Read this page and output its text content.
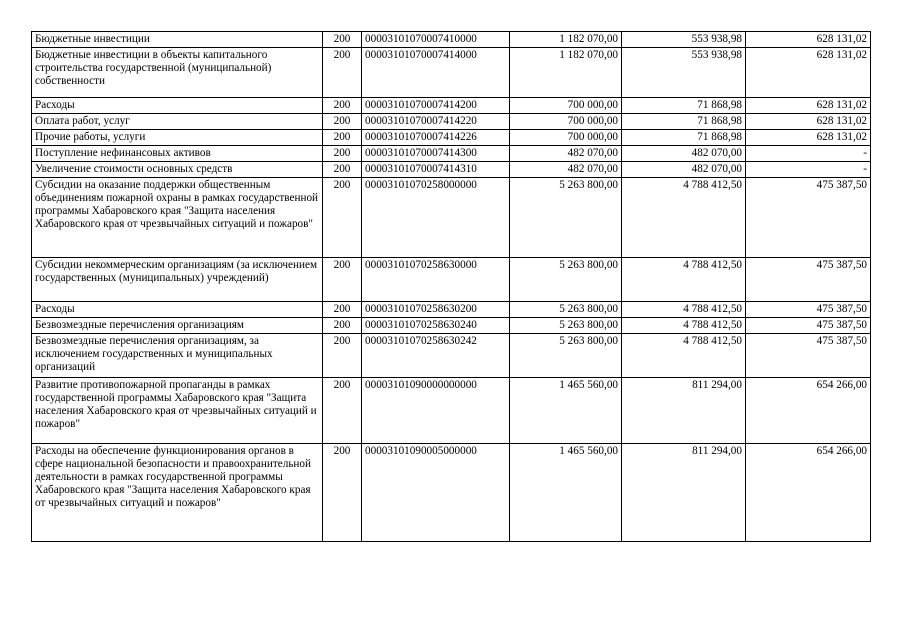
Бюджетные инвестиции	200	00003101070007410000	1 182 070,00	553 938,98	628 131,02
Бюджетные инвестиции в объекты капитального строительства государственной (муниципальной) собственности	200	00003101070007414000	1 182 070,00	553 938,98	628 131,02
Расходы	200	00003101070007414200	700 000,00	71 868,98	628 131,02
Оплата работ, услуг	200	00003101070007414220	700 000,00	71 868,98	628 131,02
Прочие работы, услуги	200	00003101070007414226	700 000,00	71 868,98	628 131,02
Поступление нефинансовых активов	200	00003101070007414300	482 070,00	482 070,00	-
Увеличение стоимости основных средств	200	00003101070007414310	482 070,00	482 070,00	-
Субсидии на оказание поддержки общественным объединениям пожарной охраны в рамках государственной программы Хабаровского края "Защита населения Хабаровского края от чрезвычайных ситуаций и пожаров"	200	00003101070258000000	5 263 800,00	4 788 412,50	475 387,50
Субсидии некоммерческим организациям (за исключением государственных (муниципальных) учреждений)	200	00003101070258630000	5 263 800,00	4 788 412,50	475 387,50
Расходы	200	00003101070258630200	5 263 800,00	4 788 412,50	475 387,50
Безвозмездные перечисления организациям	200	00003101070258630240	5 263 800,00	4 788 412,50	475 387,50
Безвозмездные перечисления организациям, за исключением государственных и муниципальных организаций	200	00003101070258630242	5 263 800,00	4 788 412,50	475 387,50
Развитие противопожарной пропаганды в рамках государственной программы Хабаровского края "Защита населения Хабаровского края от чрезвычайных ситуаций и пожаров"	200	00003101090000000000	1 465 560,00	811 294,00	654 266,00
Расходы на обеспечение функционирования органов в сфере национальной безопасности и правоохранительной деятельности в рамках государственной программы Хабаровского края "Защита населения Хабаровского края от чрезвычайных ситуаций и пожаров"	200	00003101090005000000	1 465 560,00	811 294,00	654 266,00
